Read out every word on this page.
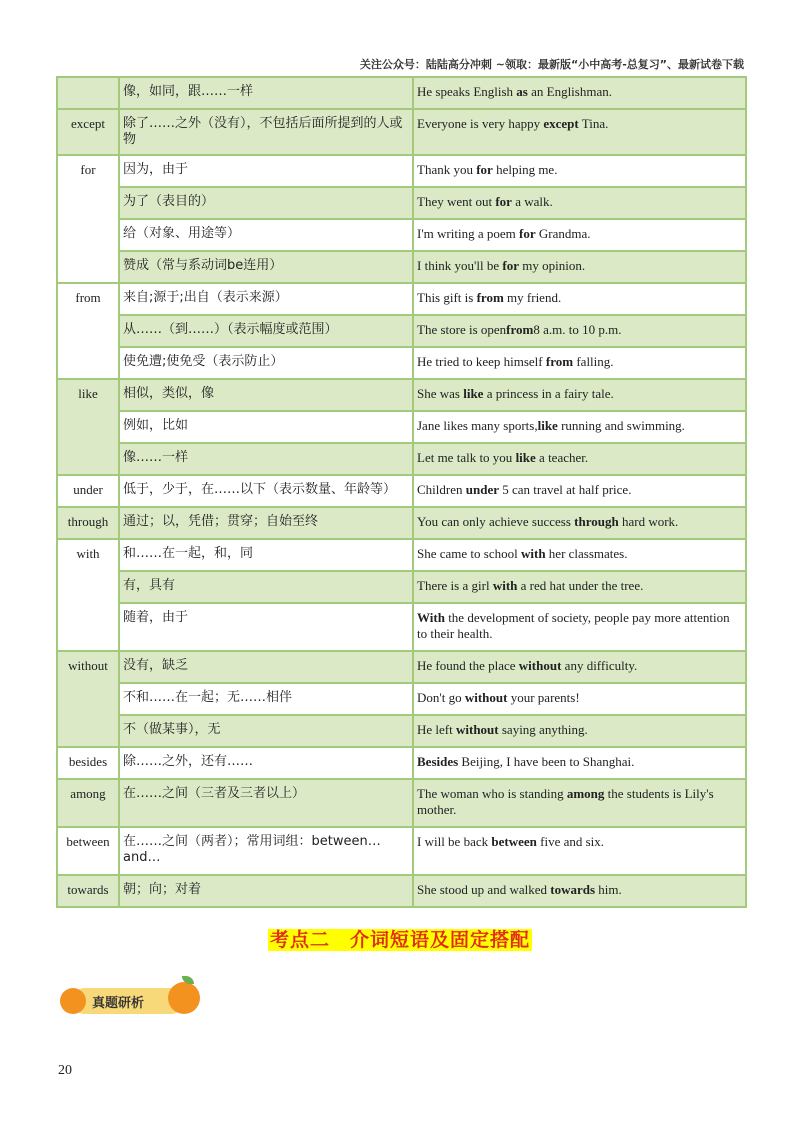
关注公众号：陆陆高分冲刺 ~领取：最新版“小中高考-总复习”、最新试卷下载
	像，如同，跟……一样	He speaks English as an Englishman.
except	除了……之外（没有），不包括后面所提到的人或物	Everyone is very happy except Tina.
for	因为，由于	Thank you for helping me.
	为了（表目的）	They went out for a walk.
	给（对象、用途等）	I'm writing a poem for Grandma.
	赞成（常与系动词be连用）	I think you'll be for my opinion.
from	来自;源于;出自（表示来源）	This gift is from my friend.
	从……（到……）（表示幅度或范围）	The store is openfrom8 a.m. to 10 p.m.
	使免遭;使免受（表示防止）	He tried to keep himself from falling.
like	相似，类似，像	She was like a princess in a fairy tale.
	例如，比如	Jane likes many sports,like running and swimming.
	像……一样	Let me talk to you like a teacher.
under	低于，少于，在……以下（表示数量、年龄等）	Children under 5 can travel at half price.
through	通过；以，凭借；贯穿；自始至终	You can only achieve success through hard work.
with	和……在一起，和，同	She came to school with her classmates.
	有，具有	There is a girl with a red hat under the tree.
	随着，由于	With the development of society, people pay more attention to their health.
without	没有，缺乏	He found the place without any difficulty.
	不和……在一起；无……相伴	Don't go without your parents!
	不（做某事），无	He left without saying anything.
besides	除……之外，还有……	Besides Beijing, I have been to Shanghai.
among	在……之间（三者及三者以上）	The woman who is standing among the students is Lily's mother.
between	在……之间（两者）；常用词组：between…and…	I will be back between five and six.
towards	朝；向；对着	She stood up and walked towards him.
考点二　介词短语及固定搭配
真题研析
20
